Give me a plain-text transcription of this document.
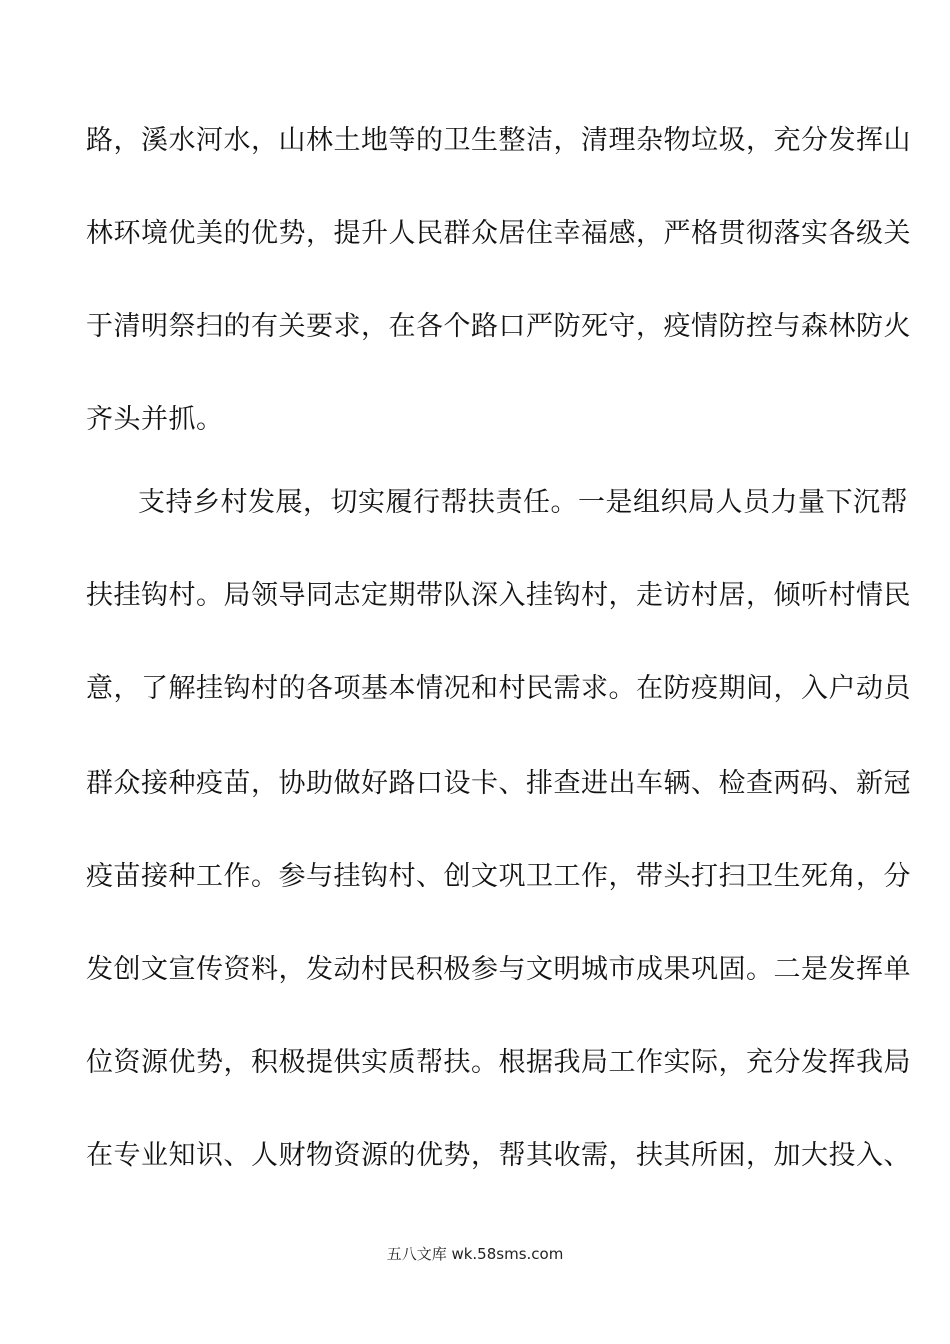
路，溪水河水，山林土地等的卫生整洁，清理杂物垃圾，充分发挥山
林环境优美的优势，提升人民群众居住幸福感，严格贯彻落实各级关
于清明祭扫的有关要求，在各个路口严防死守，疫情防控与森林防火
齐头并抓。
支持乡村发展，切实履行帮扶责任。一是组织局人员力量下沉帮
扶挂钩村。局领导同志定期带队深入挂钩村，走访村居，倾听村情民
意，了解挂钩村的各项基本情况和村民需求。在防疫期间，入户动员
群众接种疫苗，协助做好路口设卡、排查进出车辆、检查两码、新冠
疫苗接种工作。参与挂钩村、创文巩卫工作，带头打扫卫生死角，分
发创文宣传资料，发动村民积极参与文明城市成果巩固。二是发挥单
位资源优势，积极提供实质帮扶。根据我局工作实际，充分发挥我局
在专业知识、人财物资源的优势，帮其收需，扶其所困，加大投入、
五八文库 wk.58sms.com
